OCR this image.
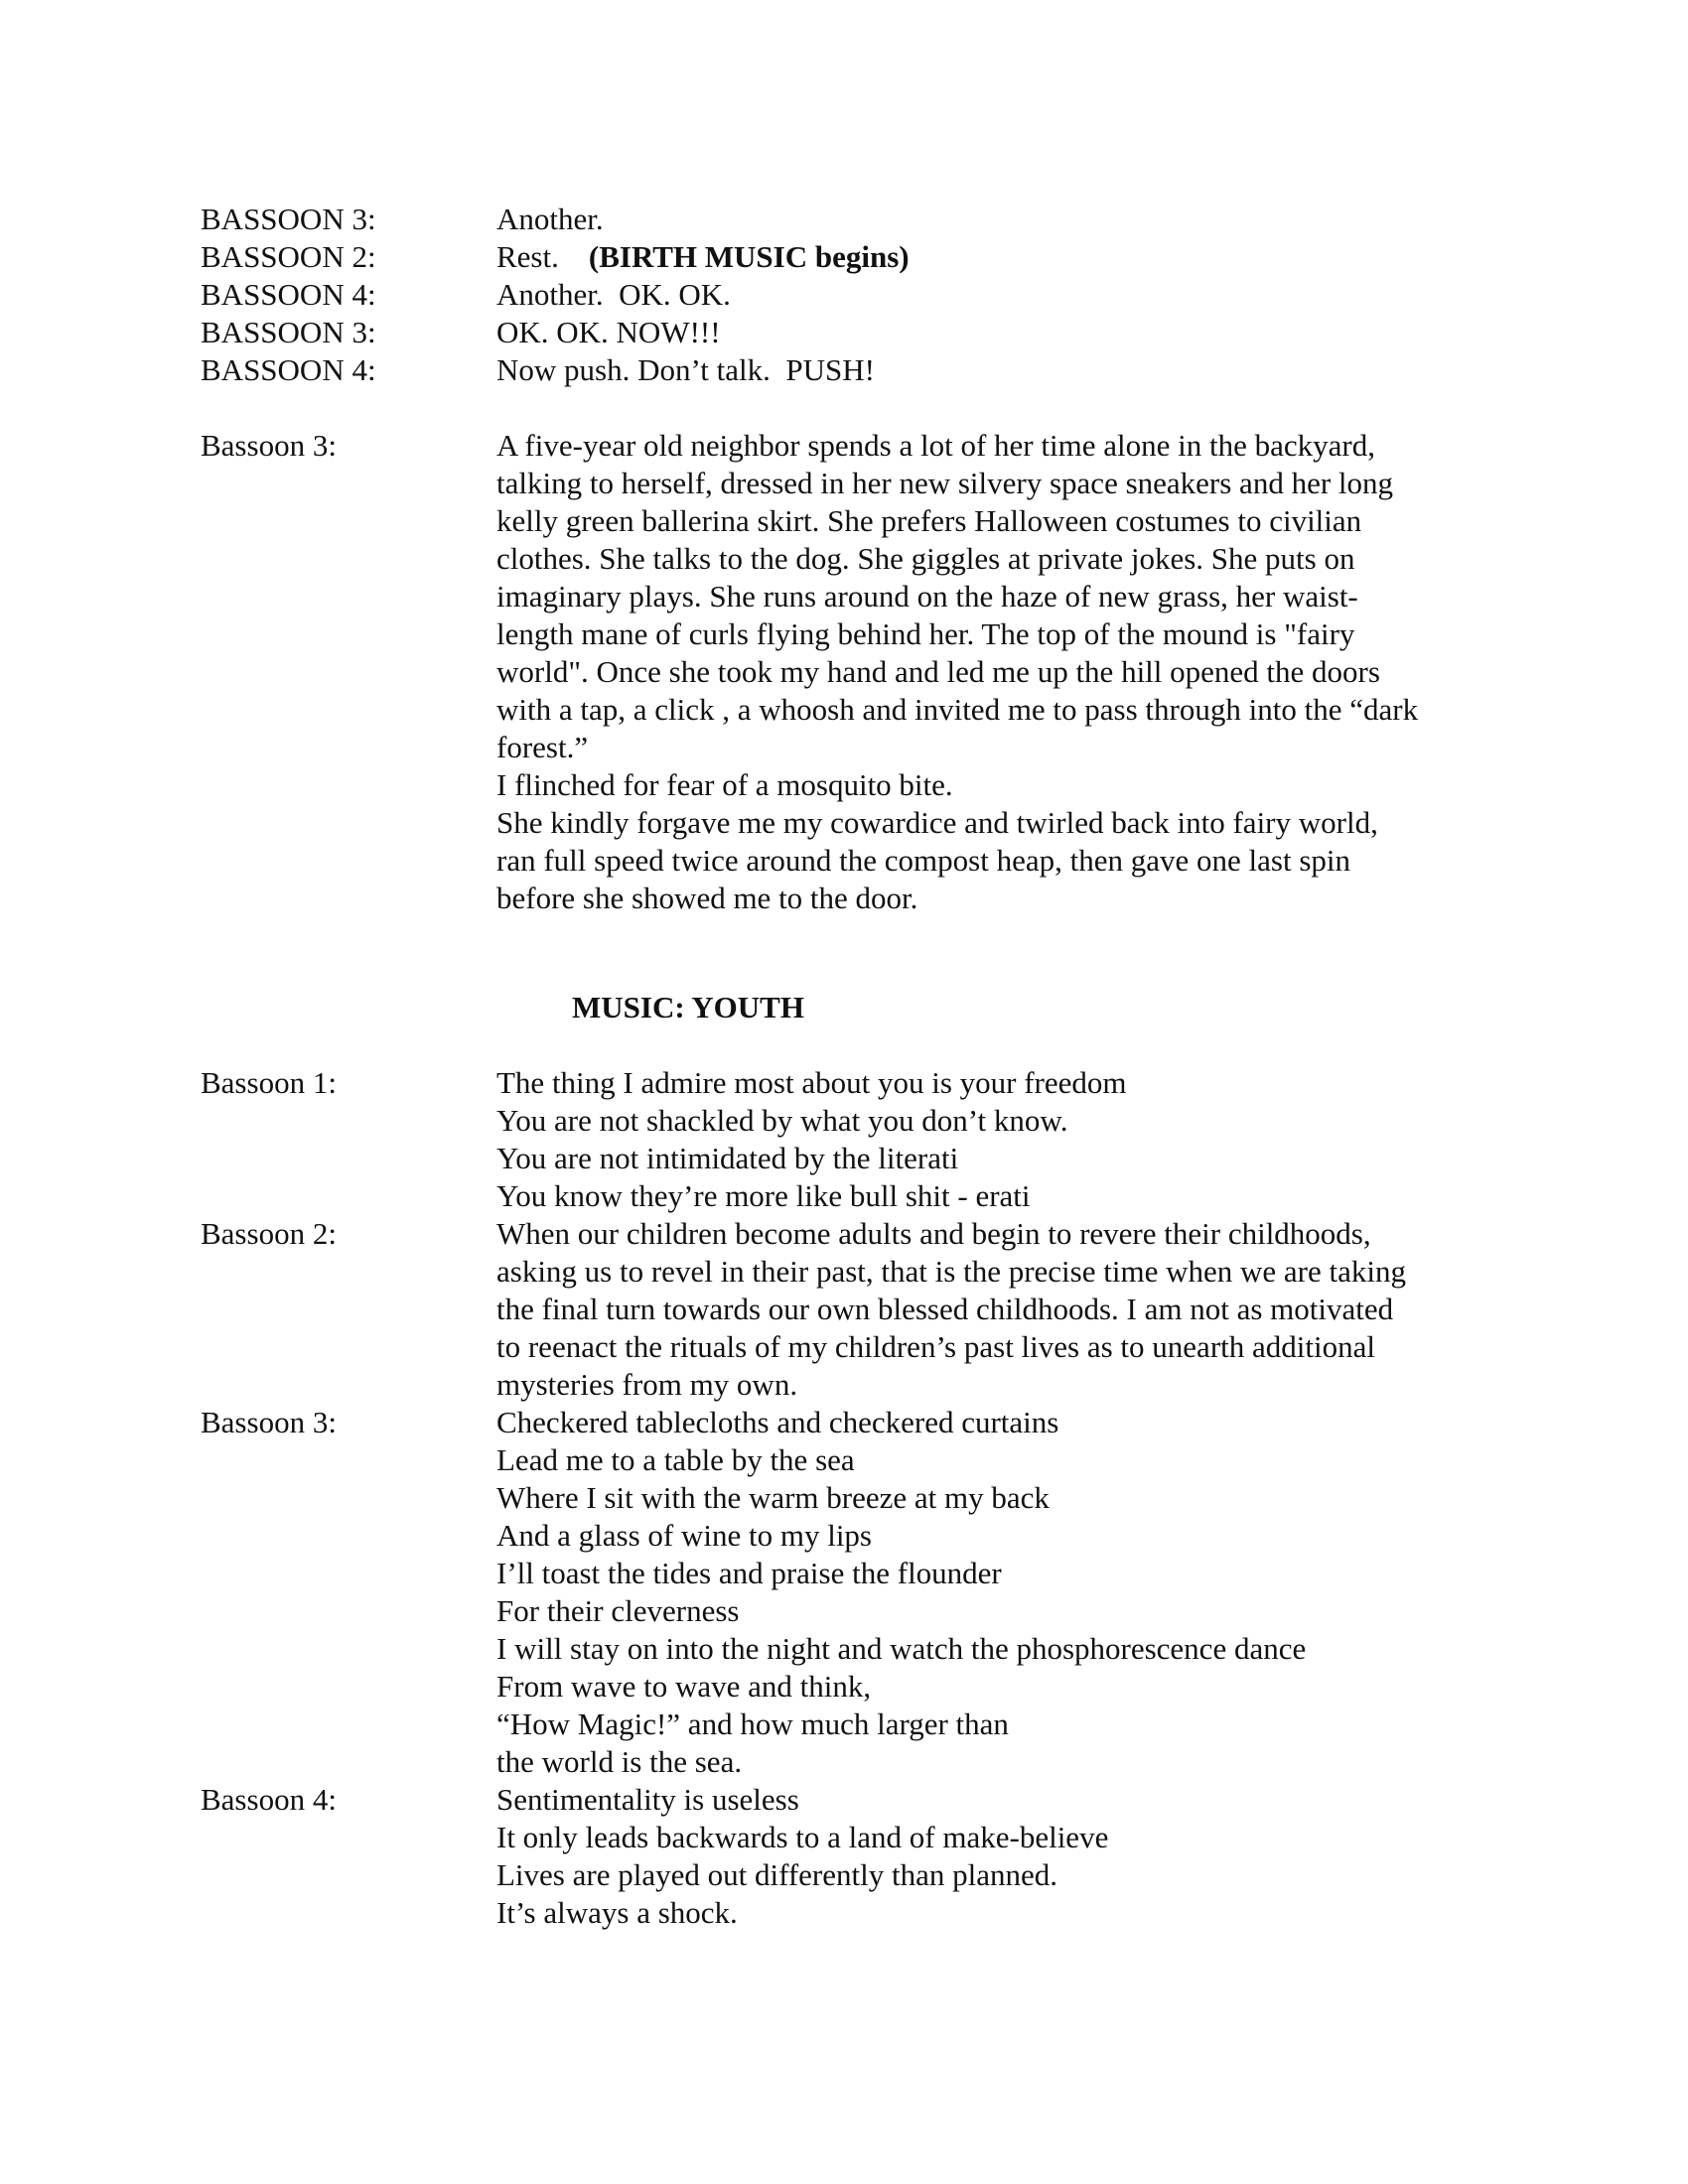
BASSOON 3:	Another.
BASSOON 2:	Rest. (BIRTH MUSIC begins)
BASSOON 4:	Another.  OK. OK.
BASSOON 3:	OK. OK. NOW!!!
BASSOON 4:	Now push. Don’t talk.  PUSH!
Bassoon 3:	A five-year old neighbor spends a lot of her time alone in the backyard,
talking to herself, dressed in her new silvery space sneakers and her long
kelly green ballerina skirt. She prefers Halloween costumes to civilian
clothes. She talks to the dog. She giggles at private jokes. She puts on
imaginary plays. She runs around on the haze of new grass, her waist-
length mane of curls flying behind her. The top of the mound is "fairy
world". Once she took my hand and led me up the hill opened the doors
with a tap, a click , a whoosh and invited me to pass through into the “dark
forest.”
I flinched for fear of a mosquito bite.
She kindly forgave me my cowardice and twirled back into fairy world,
ran full speed twice around the compost heap, then gave one last spin
before she showed me to the door.
MUSIC: YOUTH
Bassoon 1:	The thing I admire most about you is your freedom
You are not shackled by what you don’t know.
You are not intimidated by the literati
You know they’re more like bull shit - erati
Bassoon 2:	When our children become adults and begin to revere their childhoods,
asking us to revel in their past, that is the precise time when we are taking
the final turn towards our own blessed childhoods. I am not as motivated
to reenact the rituals of my children’s past lives as to unearth additional
mysteries from my own.
Bassoon 3:	Checkered tablecloths and checkered curtains
Lead me to a table by the sea
Where I sit with the warm breeze at my back
And a glass of wine to my lips
I’ll toast the tides and praise the flounder
For their cleverness
I will stay on into the night and watch the phosphorescence dance
From wave to wave and think,
“How Magic!” and how much larger than
the world is the sea.
Bassoon 4:	Sentimentality is useless
It only leads backwards to a land of make-believe
Lives are played out differently than planned.
It’s always a shock.
